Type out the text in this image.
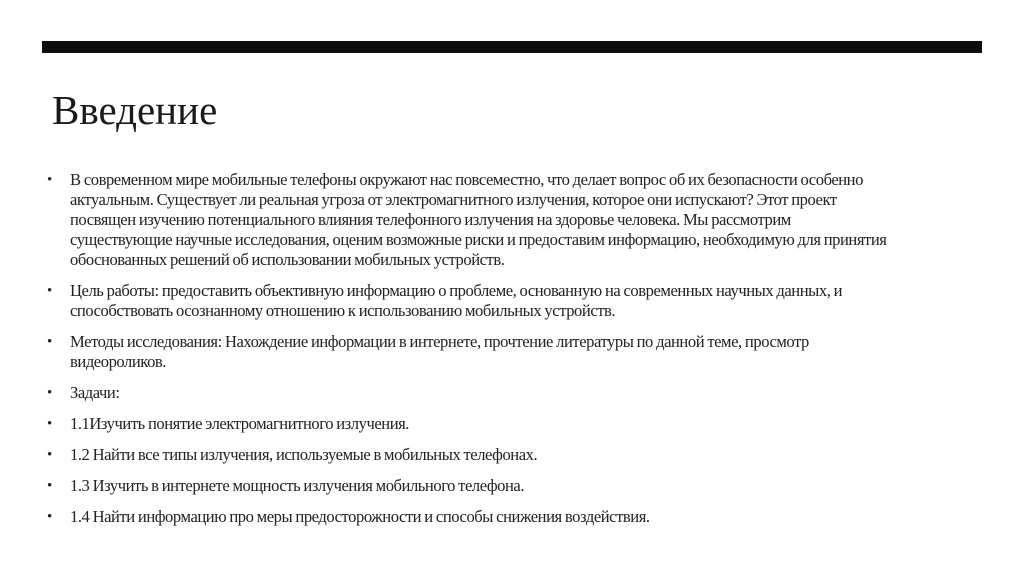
Введение
• В современном мире мобильные телефоны окружают нас повсеместно, что делает вопрос об их безопасности особенно
актуальным. Существует ли реальная угроза от электромагнитного излучения, которое они испускают? Этот проект
посвящен изучению потенциального влияния телефонного излучения на здоровье человека. Мы рассмотрим
существующие научные исследования, оценим возможные риски и предоставим информацию, необходимую для принятия
обоснованных решений об использовании мобильных устройств.
• Цель работы: предоставить объективную информацию о проблеме, основанную на современных научных данных, и
способствовать осознанному отношению к использованию мобильных устройств.
• Методы исследования: Нахождение информации в интернете, прочтение литературы по данной теме, просмотр
видеороликов.
• Задачи:
• 1.1Изучить понятие электромагнитного излучения.
• 1.2 Найти все типы излучения, используемые в мобильных телефонах.
• 1.3 Изучить в интернете мощность излучения мобильного телефона.
• 1.4 Найти информацию про меры предосторожности и способы снижения воздействия.
